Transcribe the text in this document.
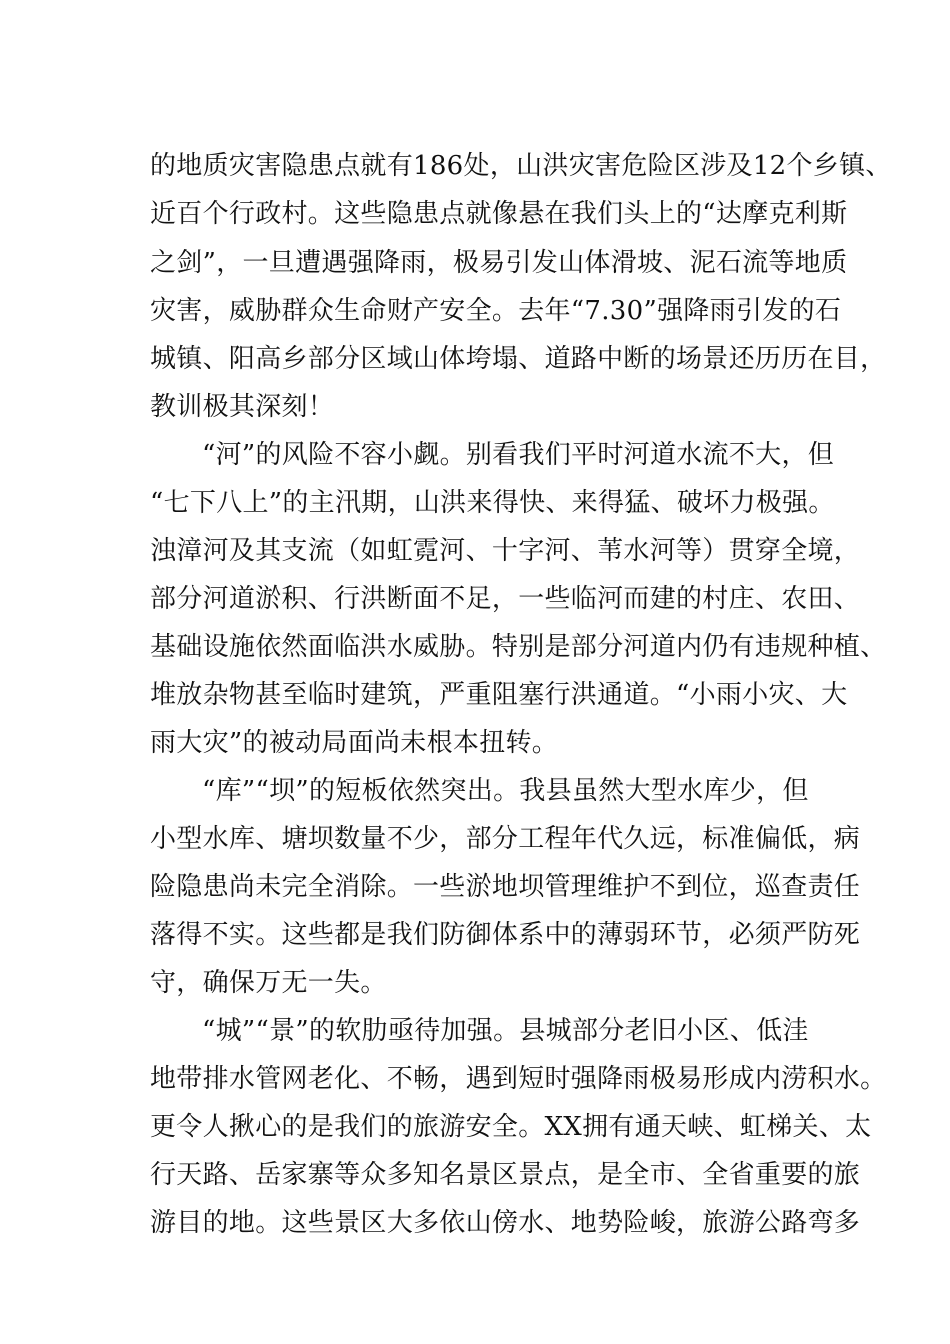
的地质灾害隐患点就有186处，山洪灾害危险区涉及12个乡镇、
近百个行政村。这些隐患点就像悬在我们头上的“达摩克利斯
之剑”，一旦遭遇强降雨，极易引发山体滑坡、泥石流等地质
灾害，威胁群众生命财产安全。去年“7.30”强降雨引发的石
城镇、阳高乡部分区域山体垮塌、道路中断的场景还历历在目，
教训极其深刻！
“河”的风险不容小觑。别看我们平时河道水流不大，但
“七下八上”的主汛期，山洪来得快、来得猛、破坏力极强。
浊漳河及其支流（如虹霓河、十字河、苇水河等）贯穿全境，
部分河道淤积、行洪断面不足，一些临河而建的村庄、农田、
基础设施依然面临洪水威胁。特别是部分河道内仍有违规种植、
堆放杂物甚至临时建筑，严重阻塞行洪通道。“小雨小灾、大
雨大灾”的被动局面尚未根本扭转。
“库”“坝”的短板依然突出。我县虽然大型水库少，但
小型水库、塘坝数量不少，部分工程年代久远，标准偏低，病
险隐患尚未完全消除。一些淤地坝管理维护不到位，巡查责任
落得不实。这些都是我们防御体系中的薄弱环节，必须严防死
守，确保万无一失。
“城”“景”的软肋亟待加强。县城部分老旧小区、低洼
地带排水管网老化、不畅，遇到短时强降雨极易形成内涝积水。
更令人揪心的是我们的旅游安全。XX拥有通天峡、虹梯关、太
行天路、岳家寨等众多知名景区景点，是全市、全省重要的旅
游目的地。这些景区大多依山傍水、地势险峻，旅游公路弯多
